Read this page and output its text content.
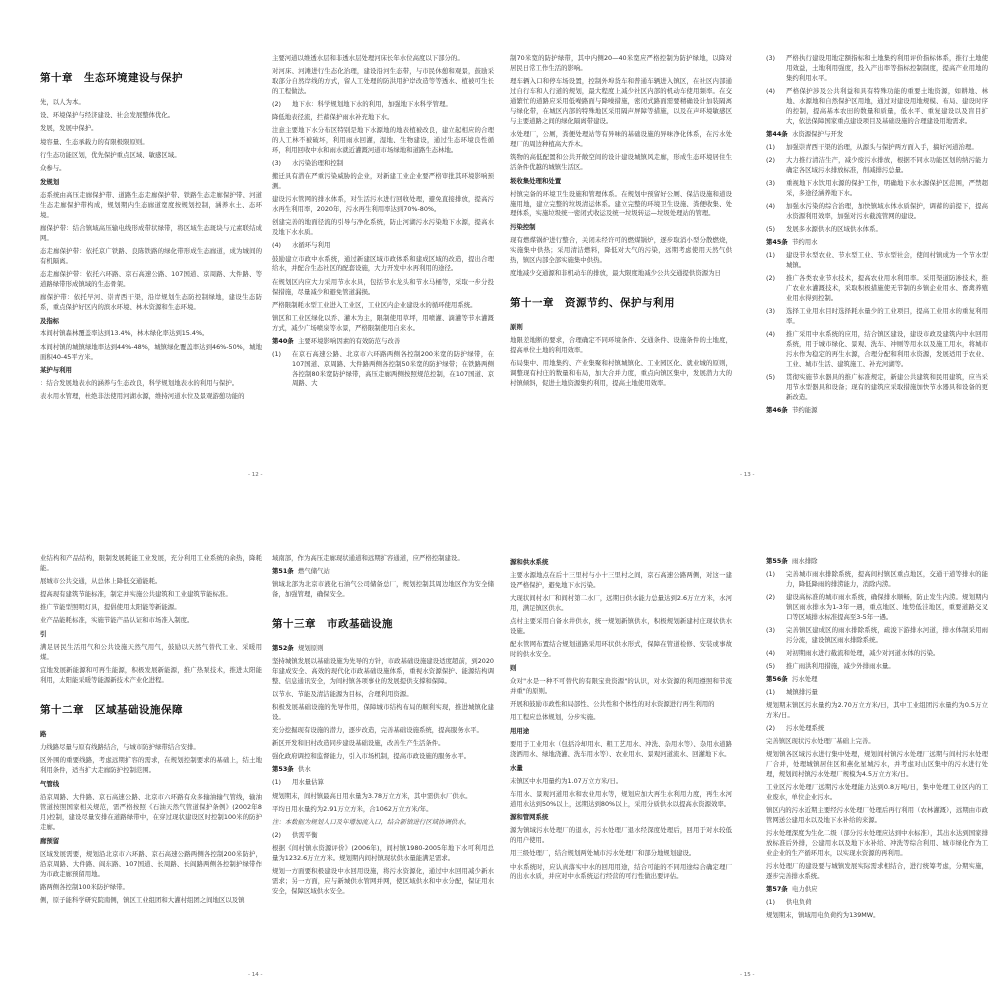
第十章　生态环境建设与保护

先，以人为本。

设、环境保护与经济建设、社会发展整体优化。

发展，发展中保护。

境容量、生态承载力的有限极限原则。

行生态功能区划，优先保护重点区域、敏感区域。

众参与。

发规划

态系统由高压走廊保护带、道路生态走廊保护带、铁路生态走廊保护带、河道生态走廊保护带构成，规划期内生态廊道宽度按规划控制，涵养水土、态环境。

廊保护带：结合镇域高压输电线形成带状绿带，将区域生态斑块与元素联结成网。

态走廊保护带：依托京广铁路、良陈铁路的绿化带形成生态廊道，成为城间的有机隔离。

态走廊保护带：依托六环路、京石高速公路、107国道、京周路、大件路、等道路绿带形成镇域的生态骨架。

廊保护带：依托早河、崇青西干渠，沿岸规划生态防控制绿地，建设生态防系，重点保护好区内的滨水环境、林木资源和生态环境。

及指标

本间村镇森林覆盖率达到13.4%，林木绿化率达到15.4%。

本间村镇的城镇绿地率达到44%-48%，城镇绿化覆盖率达到46%-50%，城地面积40-45平方米。

某护与利用

：结合发展地表水的涵养与生态改良，科学规划地表水的利用与保护。

表水用水管理，杜绝非法使用河湖水源，维持河道水位及景观游憩功能的

主要河道以维透水层和非透水层处理河床长年水位高度以下部分的。

对河床、河滩进行生态化治理，建设沿河生态带，与市民休憩和观景，鼓励采取部分自然岸线的方式，留人工处理的防洪用护岸改造等等透水、植被可生长的工程做法。

(2)	地下水：科学规划地下水的利用，加强地下水科学管理。

降低地表径流，拦蓄保护雨水补充地下水。

注意主要地下水分布区特别是地下水源地的地表植被改良，建立起相应的合理的人工林不被破坏，利用雨水回灌，湿地、生物建设，通过生态环境良性循环，利用回收中水和雨水就近灌溉河道市场绿地和道路生态林地。

(3)	水污染治理和控制

搬迁具有潜在严重污染威胁的企业，对新建工业企业要严格审批其环境影响预测。

建设污水管网的排水体系，对生活污水进行回收处理，避免直接排放，提高污水再生利用率，2020年，污水再生利用率达到70%-80%。

创建完善的地面径流的引导与净化系统，防止河湖污水污染地下水源，提高水及地下水水质。

(4)	水循环与利用

鼓励建立市政中水系统，通过新建区域市政体系和建成区域的改造，提出合理给水，并配合生态社区的配套设施，大力开发中水再利用的途径。

在规划区内应大力采用节水水具，包括节水龙头和节水马桶等，采取一步分投保措施，尽量减少和避免管道漏损。

严格限制耗水型工业进入工业区，工业区内企业建设水的循环使用系统。

镇区和工业区绿化以乔、灌木为主，限制使用草坪，用喷灌、滴灌等节水灌溉方式，减少广场喷泉等水景，严格限制使用自来水。

第40条 主要环境影响因素的有效防范与改善
(1)	在京石高速公路、北京市六环路两侧各控制200米宽的防护绿带，在107国道、京周路、大件路两侧各控制50米宽的防护绿带；在铁路两侧各控制80米宽防护绿带，高压走廊两侧按照规范控制，在107国道、京周路、大
- 12 -

制70米宽的防护绿带，其中内侧20—40米宽应严格控制为防护绿地，以降对居民日常工作生活的影响。

理车辆入口和停车场设置，控制外埠货车和普通车辆进入镇区，在社区内部通过自行车和人行道的规划，最大程度上减少社区内部的机动车使用频率。在交通繁忙的道路应采用低噪路面与降噪措施，密闭式路面需要精确设计加装隔离与绿化带，在城区内部的特殊地区采用隔声屏障等措施，以及在声环境敏感区与主要道路之间的绿化隔离带建设。

水处理厂，公厕，粪便处理站等有异味的基础设施的异味净化体系，在污水处理厂的周边种植高大乔木。

筑物的高低配置和公共开敞空间的设计建设城镇风走廊，形成生态环境居住生活条件优越的城镇生活区。

圾收集处理和处置

村镇完备的环境卫生设施和管理体系。在规划中预留好公厕、保洁设施和道设施用地，建立完整的垃圾清运体系。建立完整的环境卫生设施、粪便收集、处理体系，实施垃圾统一密闭式收运及统一垃圾转运—垃圾处理站的管理。

污染控制

现有燃煤锅炉进行整合，关闭未经许可的燃煤锅炉，逐步取消小型分散燃烧，实施集中供热；采用清洁燃料，降低对大气的污染，远期考虑使用天然气供热，镇区内部全部实施集中供热。

度地减少交通源和非机动车的排放，最大限度地减少公共交通提供资源为日

第十一章　资源节约、保护与利用
原则

地限差地断的要求，合理确定不同环境条件、交通条件、设施条件的土地度，提高单位土地的利用效率。

布局集中、用地集约、产业集聚和村镇城镇化、工业园区化、就业城的原则，调整现有村庄的数量和布局，加大合并力度，重点向镇区集中，发展潜力大的村镇倾斜，促进土地资源集约利用，提高土地使用效率。

(3)	严格执行建设用地定额指标和土地集约利用评价指标体系，推行土地使用效益，土地利用强度，投入产出率等指标控制制度，提高产业用地的集约利用水平。
(4)	严格保护涉及公共利益和具有特殊功能的重要土地资源，如耕地、林地、水源地和自然保护区用地，通过对建设用地规模、布局、建设时序的控制，提高基本农田的数量和质量，低水平、重复建设以及盲目扩大，依法保障国家重点建设项目及基础设施的合理建设用地需求。
第44条 水资源保护与开发
(1)	加强崇青西干渠的治理，从源头与保护两方面入手，搞好河道治理。
(2)	大力推行清洁生产，减少废污水排放，根据不同水功能区划的纳污能力确定各区域污水排放标准，削减排污总量。
(3)	重视地下水饮用水源的保护工作，明确地下水水源保护区范围，严禁超采，多途径涵养地下水。
(4)	加强水污染的综合治理，加快镇域水体水质保护，调蓄的前提下，提高水资源利用效率，加强对污水截流管网的建设。
(5)	发展多水源供水的区域供水体系。
第45条 节约用水
(1)	建设节水型农业、节水型工业、节水型社会，使间村镇成为一个节水型城镇。
(2)	推广各类农业节水技术，提高农业用水利用率。采用渠道防渗技术，推广农业水灌溉技术，采取积极措施使无节制的乡镇企业用水、畜禽养殖业用水得到控制。
(3)	选择工业用水目时选择耗水量少的工业项目，提高工业用水的重复利用率。
(4)	推广采用中水系统的应用，结合镇区建设，建设市政及建筑内中水回用系统，用于城市绿化、景观、洗车、冲厕等用水以及施工用水，将城市污水作为稳定的再生水源，合理分配和利用水资源，发展适用于农业、工业、城市生活、建筑施工、补充河湖等。
(5)	贯彻实施节水器具的推广标准规定，新建公共建筑和民用建筑，应当采用节水型器具和设备；现有的建筑应采取措施加快节水器具和设备的更新改造。
第46条 节约能源
- 13 -

业结构和产品结构，限制发展耗能工业发展，充分利用工业系统的余热，降耗能。

展城市公共交通，从总体上降低交通能耗。

提高现有建筑节能标准，制定并实施公共建筑和工业建筑节能标准。

推广节能型照明灯具，提倡使用太阳能等新能源。

业产品能耗标准，实施节能产品认证和市场准入制度。

引

满足居民生活用气和公共设施天然气用气，鼓励以天然气替代工业、采暖用煤。

宜地发展新能源和可再生能源，积极发展新能源，推广热泵技术，推进太阳能利用，太阳能采暖等能源新技术产业化进程。

第十二章　区域基础设施保障
路

力线路尽量与原有线路结合，与城市防护绿带结合安排。

区外围的重要线路，考虑远期扩容的需求，在规划控制要求的基础上，结土地利用条件，适当扩大走廊防护控制范围。

气管线

沿京周路、大件路、京石高速公路、北京市六环路有众多输油输气管线，输油管道按照国家相关规范，需严格按照《石油天然气管道保护条例》(2002年8月)控制，建设尽量安排在道路绿带中，在穿过现状建设区时控制100米的防护走廊。

廊预留

区域发展需要，规划沿北京市六环路、京石高速公路两侧各控制200米防护，沿京周路、大件路、阎东路、107国道、长周路、长阎路两侧各控制护绿带作为市政走廊预留用地。

路两侧各控制100米防护绿带。

侧，原子能科学研究院南侧，镇区工业组团和大灌村组团之间地区以及镇

域南部，作为高压走廊现状通道和远期扩容通道，应严格控制建设。

第51条 燃气储气站

镇域北部为北京市液化石油气公司储备总厂，规划控制其周边地区作为安全储备，加强管理，确保安全。

第十三章　市政基础设施
第52条 规划原则

坚持城镇发展以基础设施为先导的方针，市政基础设施建设适度超前，到2020年建成安全、高效的现代化市政基础设施体系，重视水资源保护、能源结构调整、信息通讯安全，为间村镇各项事业的发展提供支撑和保障。

以节水、节能及清洁能源为目标，合理利用资源。

积极发展基础设施的先导作用，保障城市结构布局的顺利实现，推进城镇化建设。

充分挖掘现有设施的潜力，逐步改造，完善基础设施系统，提高服务水平。

新区开发和旧村改造同步建设基础设施，改善生产生活条件。

强化政府调控和监督能力，引入市场机制，提高市政设施的服务水平。

第53条 供水
(1)	用水量估算

规划期末，间村镇最高日用水量为3.78万立方米，其中需供水厂供水。

平均日用水量约为2.91万立方米，合1062万立方米/年。

注：本数据为规划人口及年增加流入口，结合新镇进行区域协调供水。

(2)	供需平衡

根据《间村镇水资源评价》(2006年)，间村镇1980-2005年地下水可利用总量为1232.6万立方米。规划期内间村镇现状供水量能满足需求。

规划一方面要积极建设中水回用设施，将污水资源化，通过中水回用减少新水需求；另一方面，应与新城供水管网并网，使区域供水和中水分配，保证用水安全，保障区域供水安全。

- 14 -
源和供水系统

主要水源地点在后十三里村与小十三里村之间，京石高速公路两侧，对这一建设严格保护，避免地下水污染。

大现状间村水厂和间村第二水厂，远期日供水能力总量达到2.6万立方米，水河用，满足镇区供水。

点村主要采用自备水井供水，统一规划新镇供水，积极规划新建村庄现状供水设施。

配水管网布置结合规划道路采用环状供水形式，保障在管道检修、安装或事故时的供水安全。

则

众对"水是一种不可替代的有限宝贵资源"的认识，对水资源的利用遵照和节流并重"的原则。

开展和鼓励市政性和局部性、公共性和个体性的对水资源进行再生利用的

用工程应总体规划，分步实施。

用用途

要用于工业用水（包括冷却用水、粗工艺用水、冲洗、杂用水等）、杂用水道路浇洒用水、绿地浇灌、洗车用水等）、农业用水、景观河道流水、回灌地下水。

水量

末镇区中水用量约为1.07万立方米/日。

车用水、景观河道用水和农业用水等，规划应加大再生水利用力度，再生水河道用水达到50%以上，远期达到80%以上，采用分质供水以提高水资源效率。

源和管网系统

源为镇域污水处理厂的退水，污水处理厂退水经深度处理后，回用于对水较低的用户使用。

用三级处理厂，结合规划两处城市污水处理厂和部分地规划建设。

中水系统时，应认真落实中水的回用用途，结合可能的不同用途综合确定理厂的出水水质，并应对中水系统运行经营的可行性做出要评估。

第55条 雨水排除
(1)	完善城市雨水排除系统，提高间村镇区重点地区，交通干道等排水的能力，降低降雨的排涝能力，消除内涝。
(2)	建设高标准的城市雨水系统，确保排水顺畅，防止发生内涝。规划期内镇区雨水排水为1-3年一遇，重点地区、地势低洼地区，重要道路交叉口等区域排水标准提高至3-5年一遇。
(3)	完善镇区建成区的雨水排除系统，疏浚下游排水河道，排水体制采用雨污分流，建设镇区雨水排除系统。
(4)	对初期雨水进行截流和处理，减少对河道水体的污染。
(5)	推广雨洪利用措施，减少外排雨水量。
第56条 污水处理
(1)	城镇排污量

规划期末镇区污水量约为2.70万立方米/日，其中工业组团污水量约为0.5万立方米/日。

(2)	污水处理系统

完善镇区现状污水处理厂基础上完善。

规划镇各区域污水进行集中处理，规划间村镇污水处理厂远期与间村污水处理厂合并，处理城镇居住区和燕化星城污水，并考虑对山区集中的污水进行处理，规划间村镇污水处理厂规模为4.5万立方米/日。

工业区污水处理厂远期污水处理能力达到0.8万吨/日，集中处理工业区内的工业废水，单位企业污水。

镇区内的污水近期主要经污水处理厂处理后再行利用（农林灌溉），远期由市政管网送公建用水以及地下水补给的来源。

污水处理深度为生化二级（部分污水处理应达到中水标准），其出水达到国家排放标准后外排，公建用水以及地下水补给、冲洗等综合利用、城市绿化作为工业企业的生产循环用水，以实现水资源的再利用。

污水处理厂的建设要与城镇发展实际需求相结合，进行统筹考虑，分期实施，逐步完善排水系统。

第57条 电力供应
(1)	供电负荷

规划期末，镇域用电负荷约为139MW。

- 15 -
